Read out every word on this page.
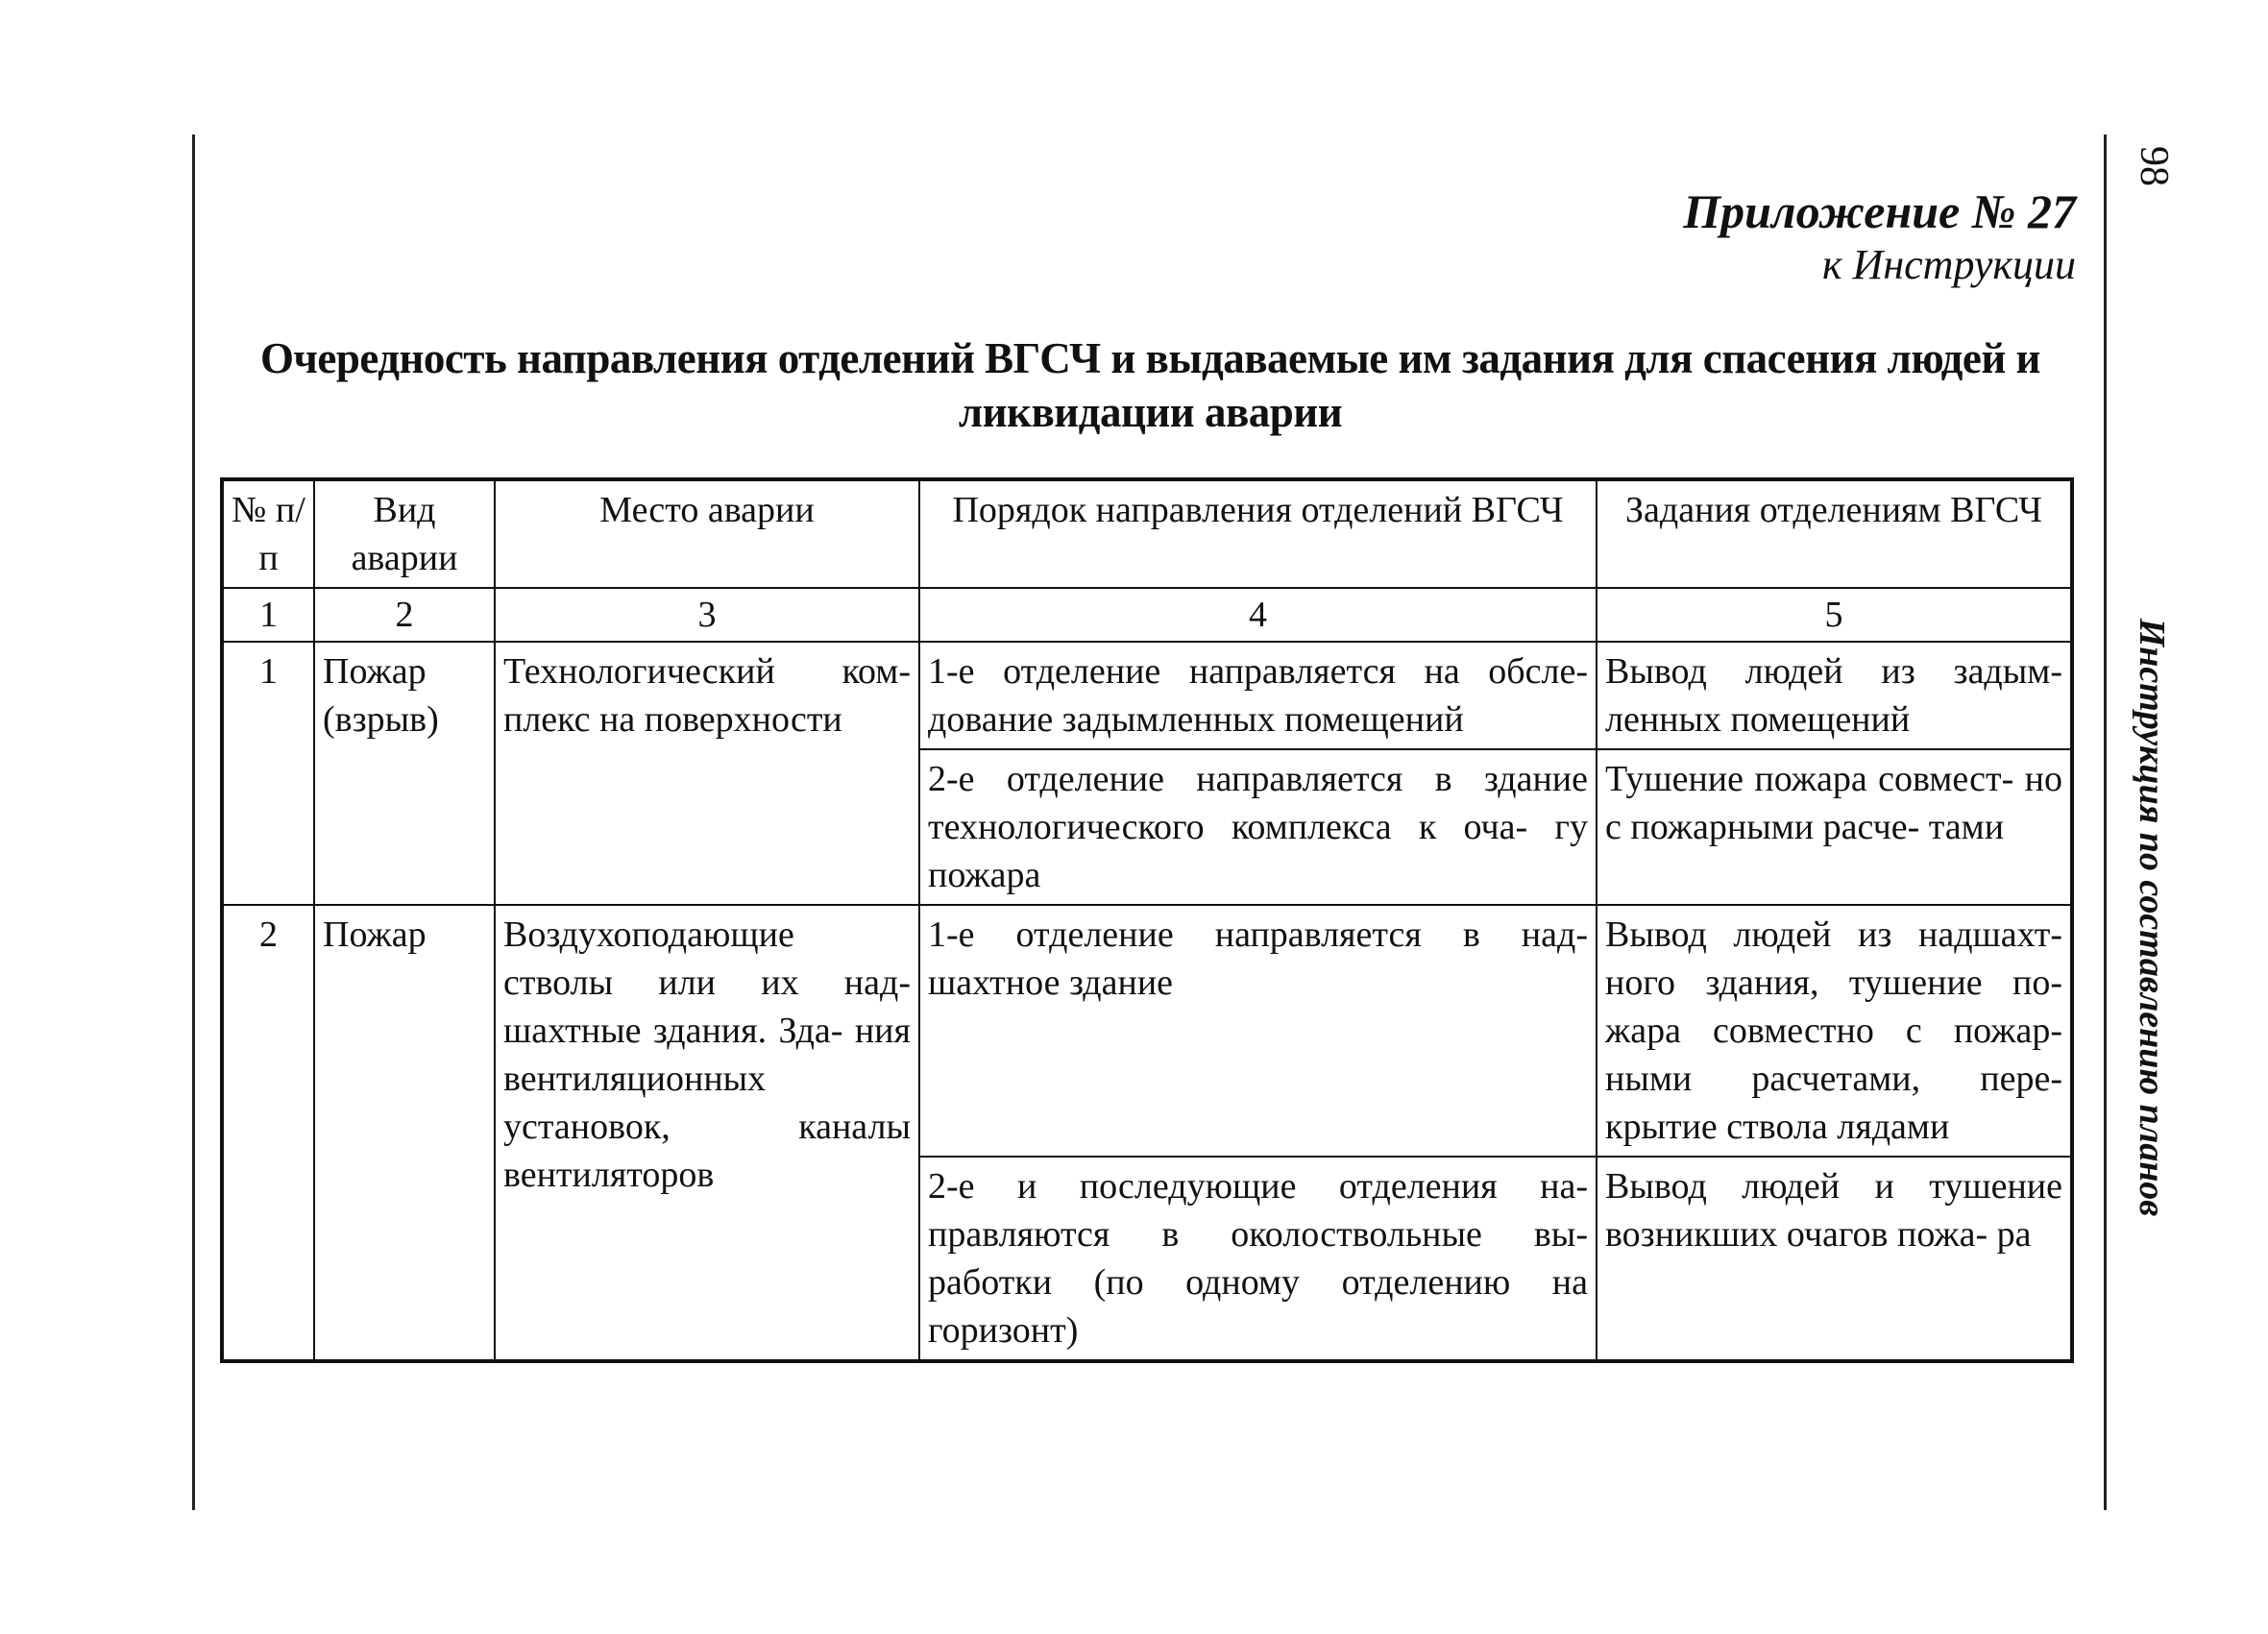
98
Инструкция по составлению планов
Приложение № 27
к Инструкции
Очередность направления отделений ВГСЧ и выдаваемые им задания для спасения людей и
ликвидации аварии
№ п/п	Вид аварии	Место аварии	Порядок направления отделений ВГСЧ	Задания отделениям ВГСЧ
1	2	3	4	5
1	Пожар (взрыв)	Технологический ком- плекс на поверхности	1-е отделение направляется на обсле- дование задымленных помещений	Вывод людей из задым- ленных помещений
			2-е отделение направляется в здание технологического комплекса к оча- гу пожара	Тушение пожара совмест- но с пожарными расче- тами
2	Пожар	Воздухоподающие стволы или их над- шахтные здания. Зда- ния вентиляционных установок, каналы вентиляторов	1-е отделение направляется в над- шахтное здание	Вывод людей из надшахт- ного здания, тушение по- жара совместно с пожар- ными расчетами, пере- крытие ствола лядами
			2-е и последующие отделения на- правляются в околоствольные вы- работки (по одному отделению на горизонт)	Вывод людей и тушение возникших очагов пожа- ра
